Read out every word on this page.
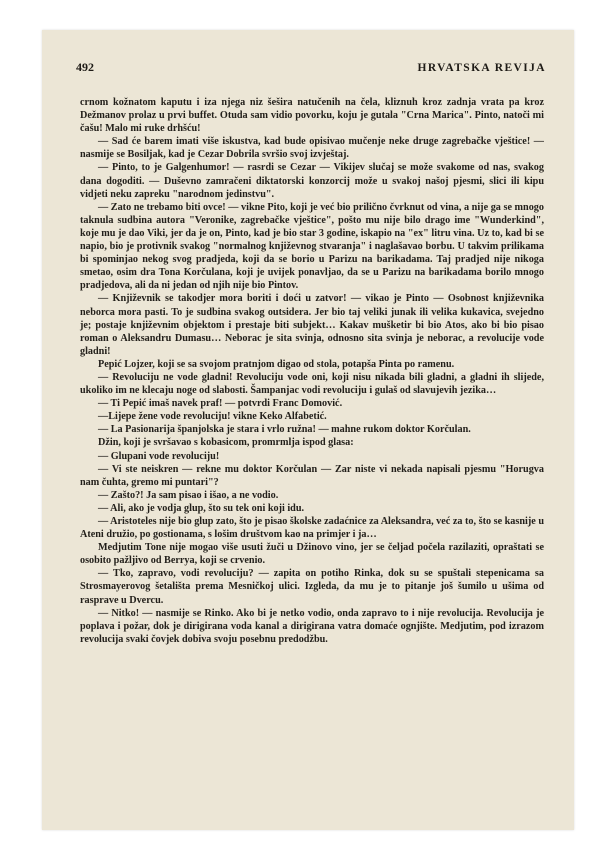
492	HRVATSKA REVIJA

crnom kožnatom kaputu i iza njega niz šešira natučenih na čela, kliznuh kroz zadnja vrata pa kroz Dežmanov prolaz u prvi buffet. Otuda sam vidio povorku, koju je gutala "Crna Marica". Pinto, natoči mi čašu! Malo mi ruke drhšću!

— Sad će barem imati više iskustva, kad bude opisivao mučenje neke druge zagrebačke vještice! — nasmije se Bosiljak, kad je Cezar Dobrila svršio svoj izvještaj.

— Pinto, to je Galgenhumor! — rasrdi se Cezar — Vikijev slučaj se može svakome od nas, svakog dana dogoditi. — Duševno zamračeni diktatorski konzorcij može u svakoj našoj pjesmi, slici ili kipu vidjeti neku zapreku "narodnom jedinstvu".

— Zato ne trebamo biti ovce! — vikne Pito, koji je već bio prilično čvrknut od vina, a nije ga se mnogo taknula sudbina autora "Veronike, zagrebačke vještice", pošto mu nije bilo drago ime "Wunderkind", koje mu je dao Viki, jer da je on, Pinto, kad je bio star 3 godine, iskapio na "ex" litru vina. Uz to, kad bi se napio, bio je protivnik svakog "normalnog književnog stvaranja" i naglašavao borbu. U takvim prilikama bi spominjao nekog svog pradjeda, koji da se borio u Parizu na barikadama. Taj pradjed nije nikoga smetao, osim dra Tona Korčulana, koji je uvijek ponavljao, da se u Parizu na barikadama borilo mnogo pradjedova, ali da ni jedan od njih nije bio Pintov.

— Književnik se takodjer mora boriti i doći u zatvor! — vikao je Pinto — Osobnost književnika neborca mora pasti. To je sudbina svakog outsidera. Jer bio taj veliki junak ili velika kukavica, svejedno je; postaje književnim objektom i prestaje biti subjekt… Kakav mušketir bi bio Atos, ako bi bio pisao roman o Aleksandru Dumasu… Neborac je sita svinja, odnosno sita svinja je neborac, a revolucije vode gladni!

Pepić Lojzer, koji se sa svojom pratnjom digao od stola, potapša Pinta po ramenu.

— Revoluciju ne vode gladni! Revoluciju vode oni, koji nisu nikada bili gladni, a gladni ih slijede, ukoliko im ne klecaju noge od slabosti. Šampanjac vodi revoluciju i gulaš od slavujevih jezika…

— Ti Pepić imaš navek praf! — potvrdi Franc Domović.

—Lijepe žene vode revoluciju! vikne Keko Alfabetić.

— La Pasionarija španjolska je stara i vrlo ružna! — mahne rukom doktor Korčulan.

Džin, koji je svršavao s kobasicom, promrmlja ispod glasa:

— Glupani vode revoluciju!

— Vi ste neiskren — rekne mu doktor Korčulan — Zar niste vi nekada napisali pjesmu "Horugva nam čuhta, gremo mi puntari"?

— Zašto?! Ja sam pisao i išao, a ne vodio.

— Ali, ako je vodja glup, što su tek oni koji idu.

— Aristoteles nije bio glup zato, što je pisao školske zadaćnice za Aleksandra, već za to, što se kasnije u Ateni družio, po gostionama, s lošim društvom kao na primjer i ja…

Medjutim Tone nije mogao više usuti žuči u Džinovo vino, jer se čeljad počela razilaziti, opraštati se osobito pažljivo od Berrya, koji se crvenio.

— Tko, zapravo, vodi revoluciju? — zapita on potiho Rinka, dok su se spuštali stepenicama sa Strosmayerovog šetališta prema Mesničkoj ulici. Izgleda, da mu je to pitanje još šumilo u ušima od rasprave u Dvercu.

— Nitko! — nasmije se Rinko. Ako bi je netko vodio, onda zapravo to i nije revolucija. Revolucija je poplava i požar, dok je dirigirana voda kanal a dirigirana vatra domaće ognjište. Medjutim, pod izrazom revolucija svaki čovjek dobiva svoju posebnu predodžbu.
